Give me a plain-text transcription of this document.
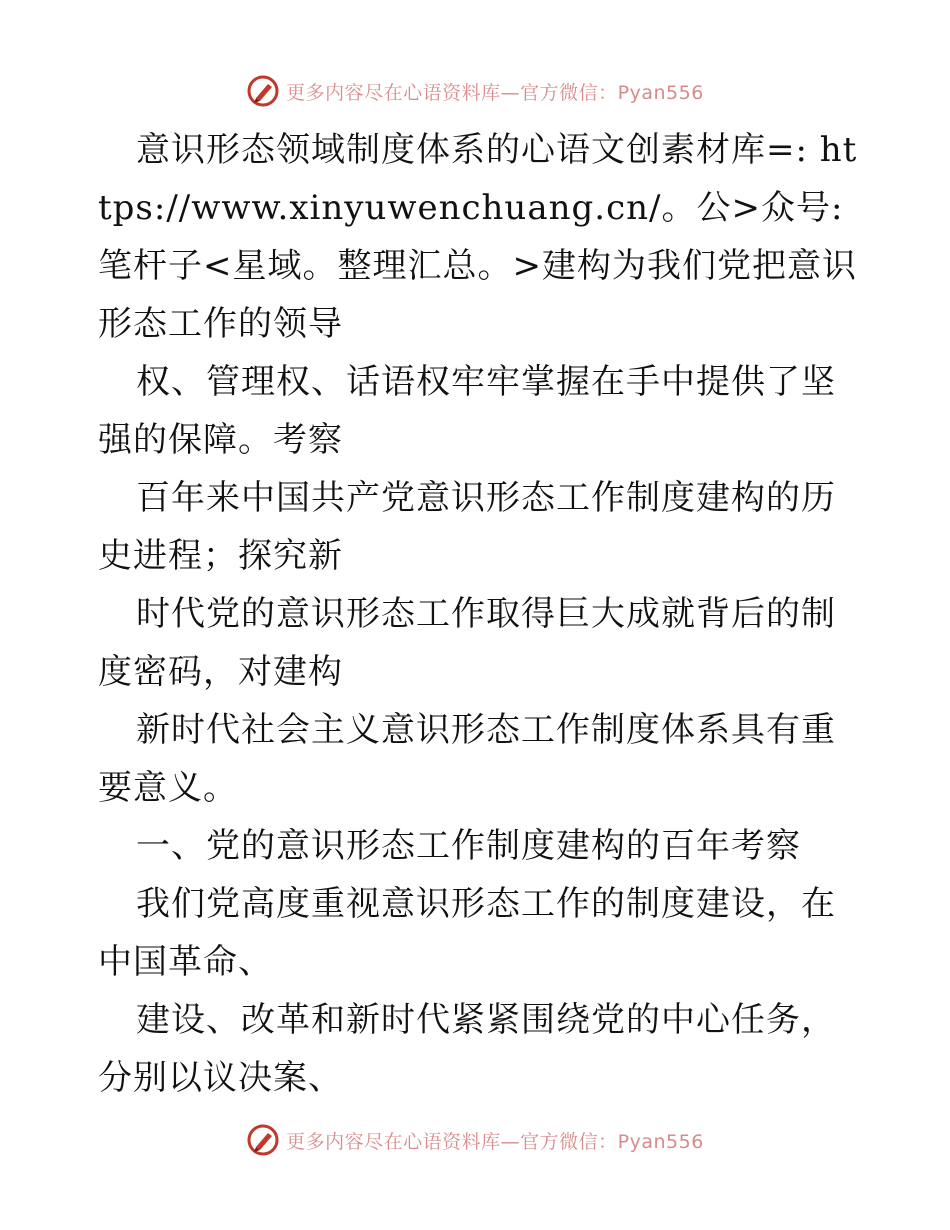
更多内容尽在心语资料库—官方微信：Pyan556

意识形态领域制度体系的心语文创素材库=: https://www.xinyuwenchuang.cn/。公>众号: 笔杆子<星域。整理汇总。>建构为我们党把意识形态工作的领导

权、管理权、话语权牢牢掌握在手中提供了坚强的保障。考察

百年来中国共产党意识形态工作制度建构的历史进程；探究新

时代党的意识形态工作取得巨大成就背后的制度密码，对建构

新时代社会主义意识形态工作制度体系具有重要意义。

一、党的意识形态工作制度建构的百年考察

我们党高度重视意识形态工作的制度建设，在中国革命、

建设、改革和新时代紧紧围绕党的中心任务，分别以议决案、

更多内容尽在心语资料库—官方微信：Pyan556
